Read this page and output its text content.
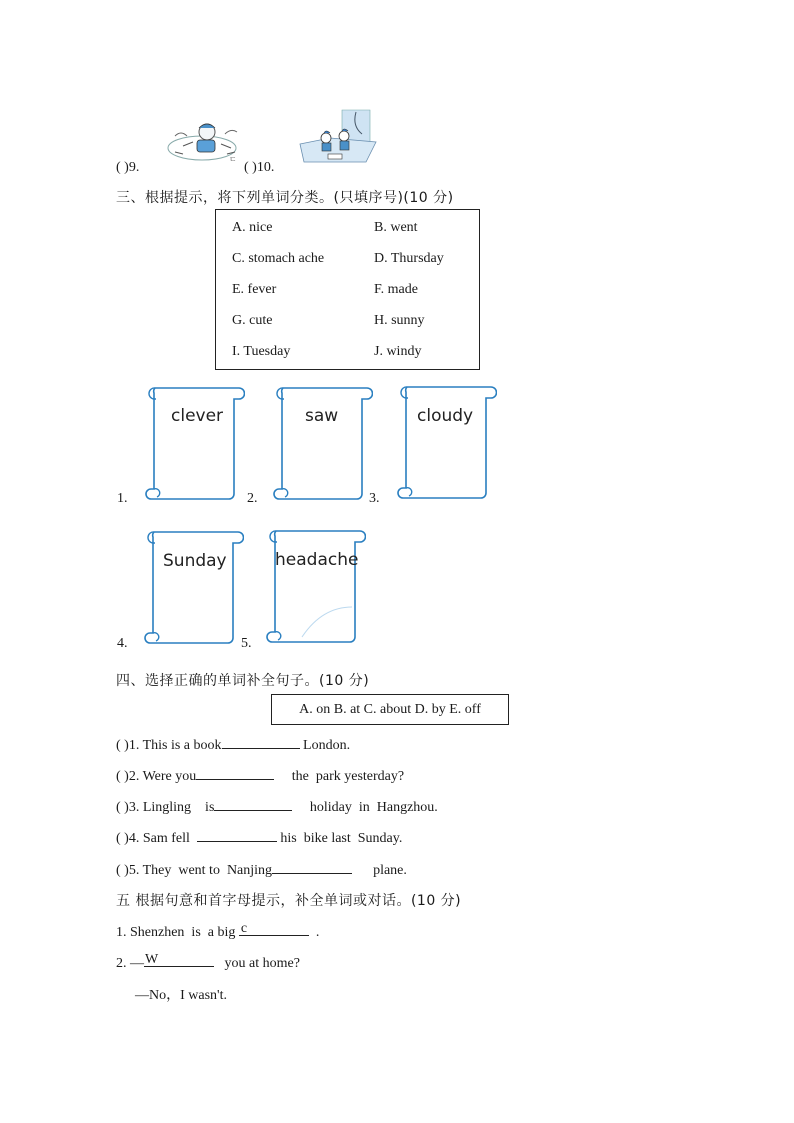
( )9.
ㄷ
( )10.
三、根据提示，将下列单词分类。(只填序号)(10 分)
A. nice	B. went
C. stomach ache	D. Thursday
E. fever	F. made
G. cute	H. sunny
I. Tuesday	J. windy
1.
clever
2.
saw
3.
cloudy
4.
Sunday
5.
headache
四、选择正确的单词补全句子。(10 分)
A. on B. at C. about D. by E. off
( )1. This is a book	London.
( )2. Were you	the  park yesterday?
( )3. Lingling    is	holiday  in  Hangzhou.
( )4. Sam fell	his  bike last  Sunday.
( )5. They  went to  Nanjing	plane.
五 根据句意和首字母提示，补全单词或对话。(10 分)
1. Shenzhen  is  a big c	.
2. — W	you at home?
—No，I wasn't.
